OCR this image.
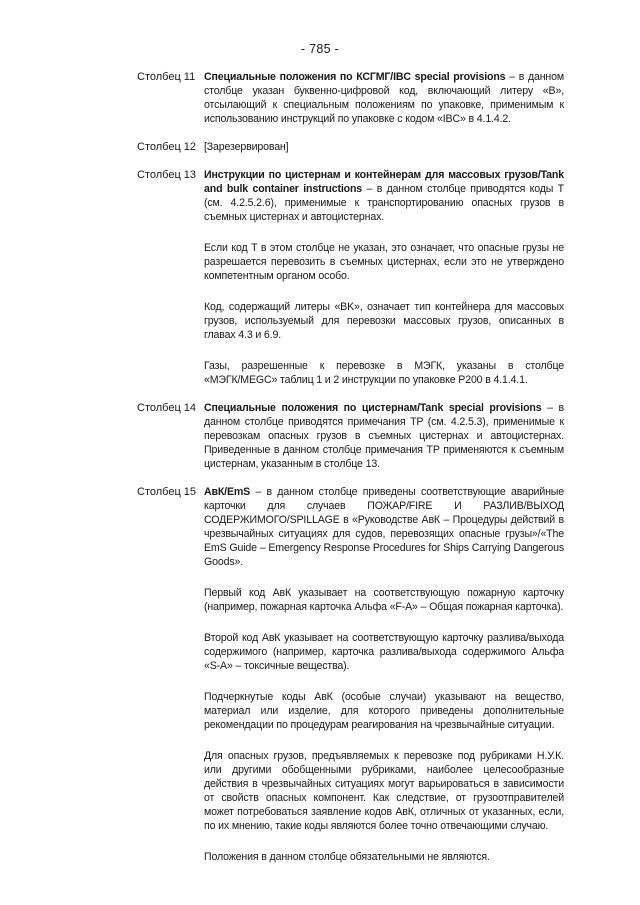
- 785 -
Столбец 11 Специальные положения по КСГМГ/IBC special provisions – в данном столбце указан буквенно-цифровой код, включающий литеру «B», отсылающий к специальным положениям по упаковке, применимым к использованию инструкций по упаковке с кодом «IBC» в 4.1.4.2.

Столбец 12 [Зарезервирован]

Столбец 13 Инструкции по цистернам и контейнерам для массовых грузов/Tank and bulk container instructions – в данном столбце приводятся коды T (см. 4.2.5.2.6), применимые к транспортированию опасных грузов в съемных цистернах и автоцистернах.

Если код T в этом столбце не указан, это означает, что опасные грузы не разрешается перевозить в съемных цистернах, если это не утверждено компетентным органом особо.

Код, содержащий литеры «BK», означает тип контейнера для массовых грузов, используемый для перевозки массовых грузов, описанных в главах 4.3 и 6.9.

Газы, разрешенные к перевозке в МЭГК, указаны в столбце «МЭГК/MEGC» таблиц 1 и 2 инструкции по упаковке P200 в 4.1.4.1.

Столбец 14 Специальные положения по цистернам/Tank special provisions – в данном столбце приводятся примечания TP (см. 4.2.5.3), применимые к перевозкам опасных грузов в съемных цистернах и автоцистернах. Приведенные в данном столбце примечания TP применяются к съемным цистернам, указанным в столбце 13.

Столбец 15 АвК/EmS – в данном столбце приведены соответствующие аварийные карточки для случаев ПОЖАР/FIRE И РАЗЛИВ/ВЫХОД СОДЕРЖИМОГО/SPILLAGE в «Руководстве АвК – Процедуры действий в чрезвычайных ситуациях для судов, перевозящих опасные грузы»/«The EmS Guide – Emergency Response Procedures for Ships Carrying Dangerous Goods».

Первый код АвК указывает на соответствующую пожарную карточку (например, пожарная карточка Альфа «F-A» – Общая пожарная карточка).

Второй код АвК указывает на соответствующую карточку разлива/выхода содержимого (например, карточка разлива/выхода содержимого Альфа «S-A» – токсичные вещества).

Подчеркнутые коды АвК (особые случаи) указывают на вещество, материал или изделие, для которого приведены дополнительные рекомендации по процедурам реагирования на чрезвычайные ситуации.

Для опасных грузов, предъявляемых к перевозке под рубриками Н.У.К. или другими обобщенными рубриками, наиболее целесообразные действия в чрезвычайных ситуациях могут варьироваться в зависимости от свойств опасных компонент. Как следствие, от грузоотправителей может потребоваться заявление кодов АвК, отличных от указанных, если, по их мнению, такие коды являются более точно отвечающими случаю.

Положения в данном столбце обязательными не являются.
